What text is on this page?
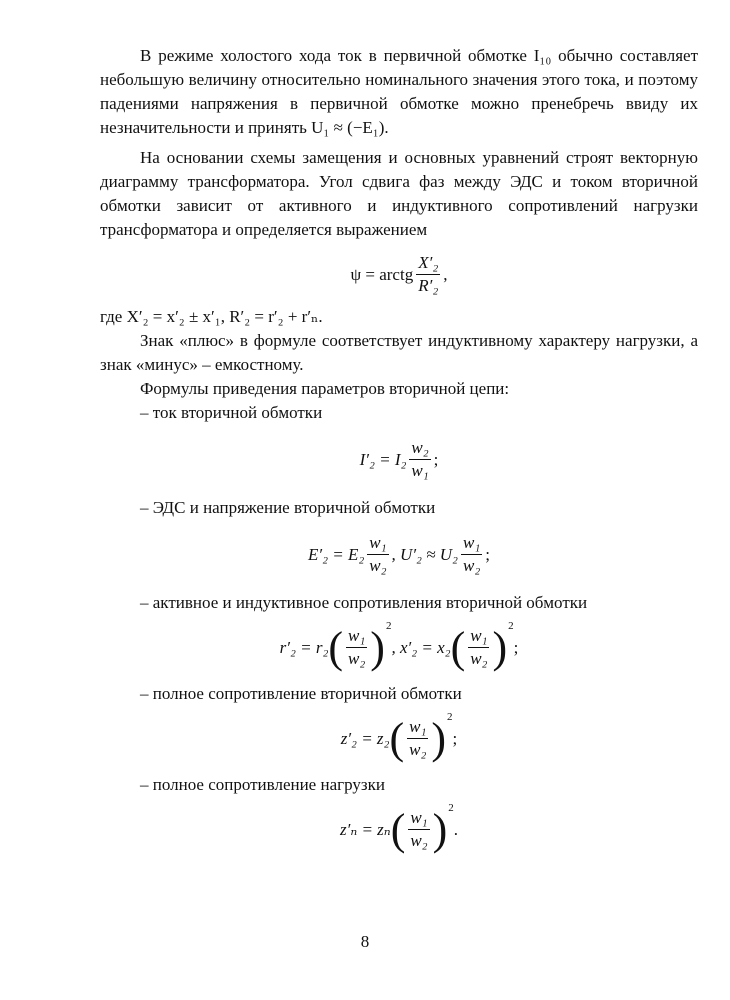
В режиме холостого хода ток в первичной обмотке I₁₀ обычно составляет небольшую величину относительно номинального значения этого тока, и поэтому падениями напряжения в первичной обмотке можно пренебречь ввиду их незначительности и принять U₁ ≈ (−E₁).

На основании схемы замещения и основных уравнений строят векторную диаграмму трансформатора. Угол сдвига фаз между ЭДС и током вторичной обмотки зависит от активного и индуктивного сопротивлений нагрузки трансформатора и определяется выражением

ψ = arctg $\frac{\text{X′₂}}{\text{R′₂}}$ ,

где X′₂ = x′₂ ± x′₁, R′₂ = r′₂ + r′ₙ.

Знак «плюс» в формуле соответствует индуктивному характеру нагрузки, а знак «минус» – емкостному.

Формулы приведения параметров вторичной цепи:

– ток вторичной обмотки

$I'_2 = I_2 \frac{\text{w₂}}{\text{w₁}}$ ;

– ЭДС и напряжение вторичной обмотки

$E'_2 = E_2 \frac{\text{w₁}}{\text{w₂}}$ , $U'_2 \approx U_2 \frac{\text{w₁}}{\text{w₂}}$ ;

– активное и индуктивное сопротивления вторичной обмотки

r′₂ = r₂ ( $\frac{\text{w₁}}{\text{w₂}}$ ) 2
, x′₂ = x₂ ( $\frac{\text{w₁}}{\text{w₂}}$ ) 2
;

– полное сопротивление вторичной обмотки

z′₂ = z₂ ( $\frac{\text{w₁}}{\text{w₂}}$ ) 2
;

– полное сопротивление нагрузки

z′ₙ = zₙ ( $\frac{\text{w₁}}{\text{w₂}}$ ) 2
.
8
